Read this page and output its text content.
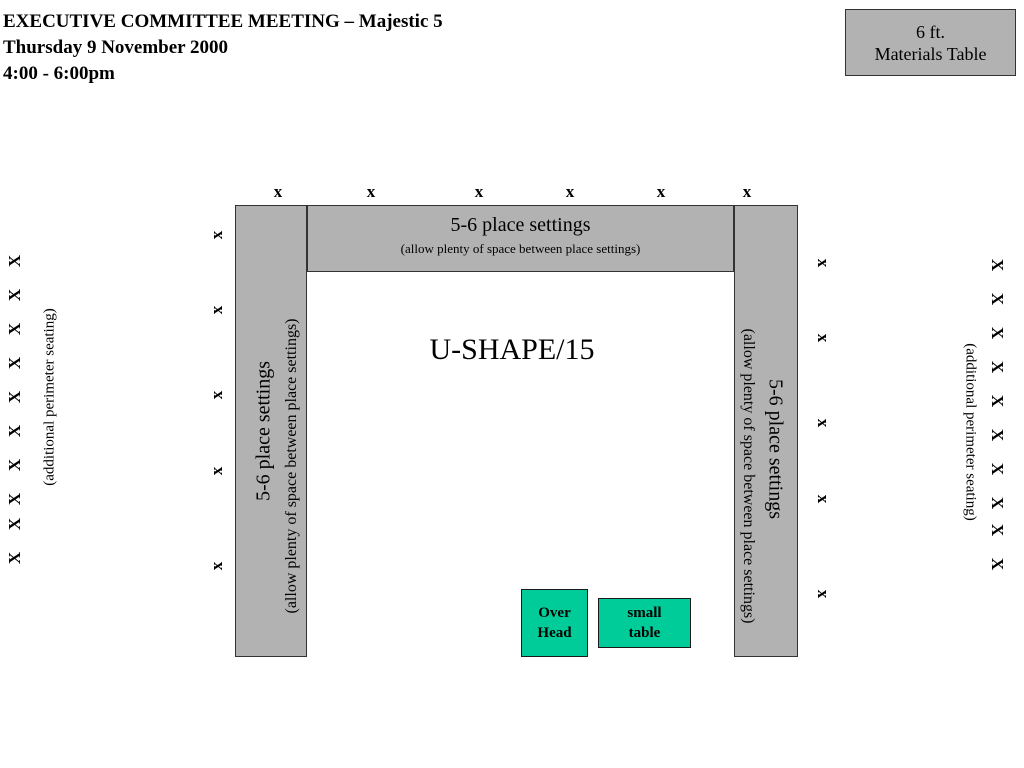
EXECUTIVE COMMITTEE MEETING – Majestic 5
Thursday 9 November 2000
4:00 - 6:00pm
6 ft.
Materials Table
5-6 place settings
(allow plenty of space between place settings)
5-6 place settings (allow plenty of space between place settings)	5-6 place settings
(allow plenty of space between place settings)
U-SHAPE/15
Over
Head
small
table
x	x	x	x	x	x
x
x
x
x
x
x
x
x
x
x
X
X
X
X
X
X
X
X
X
X
(additional perimeter seating)
X
X
X
X
X
X
X
X
X
X
(additional perimeter seating)
